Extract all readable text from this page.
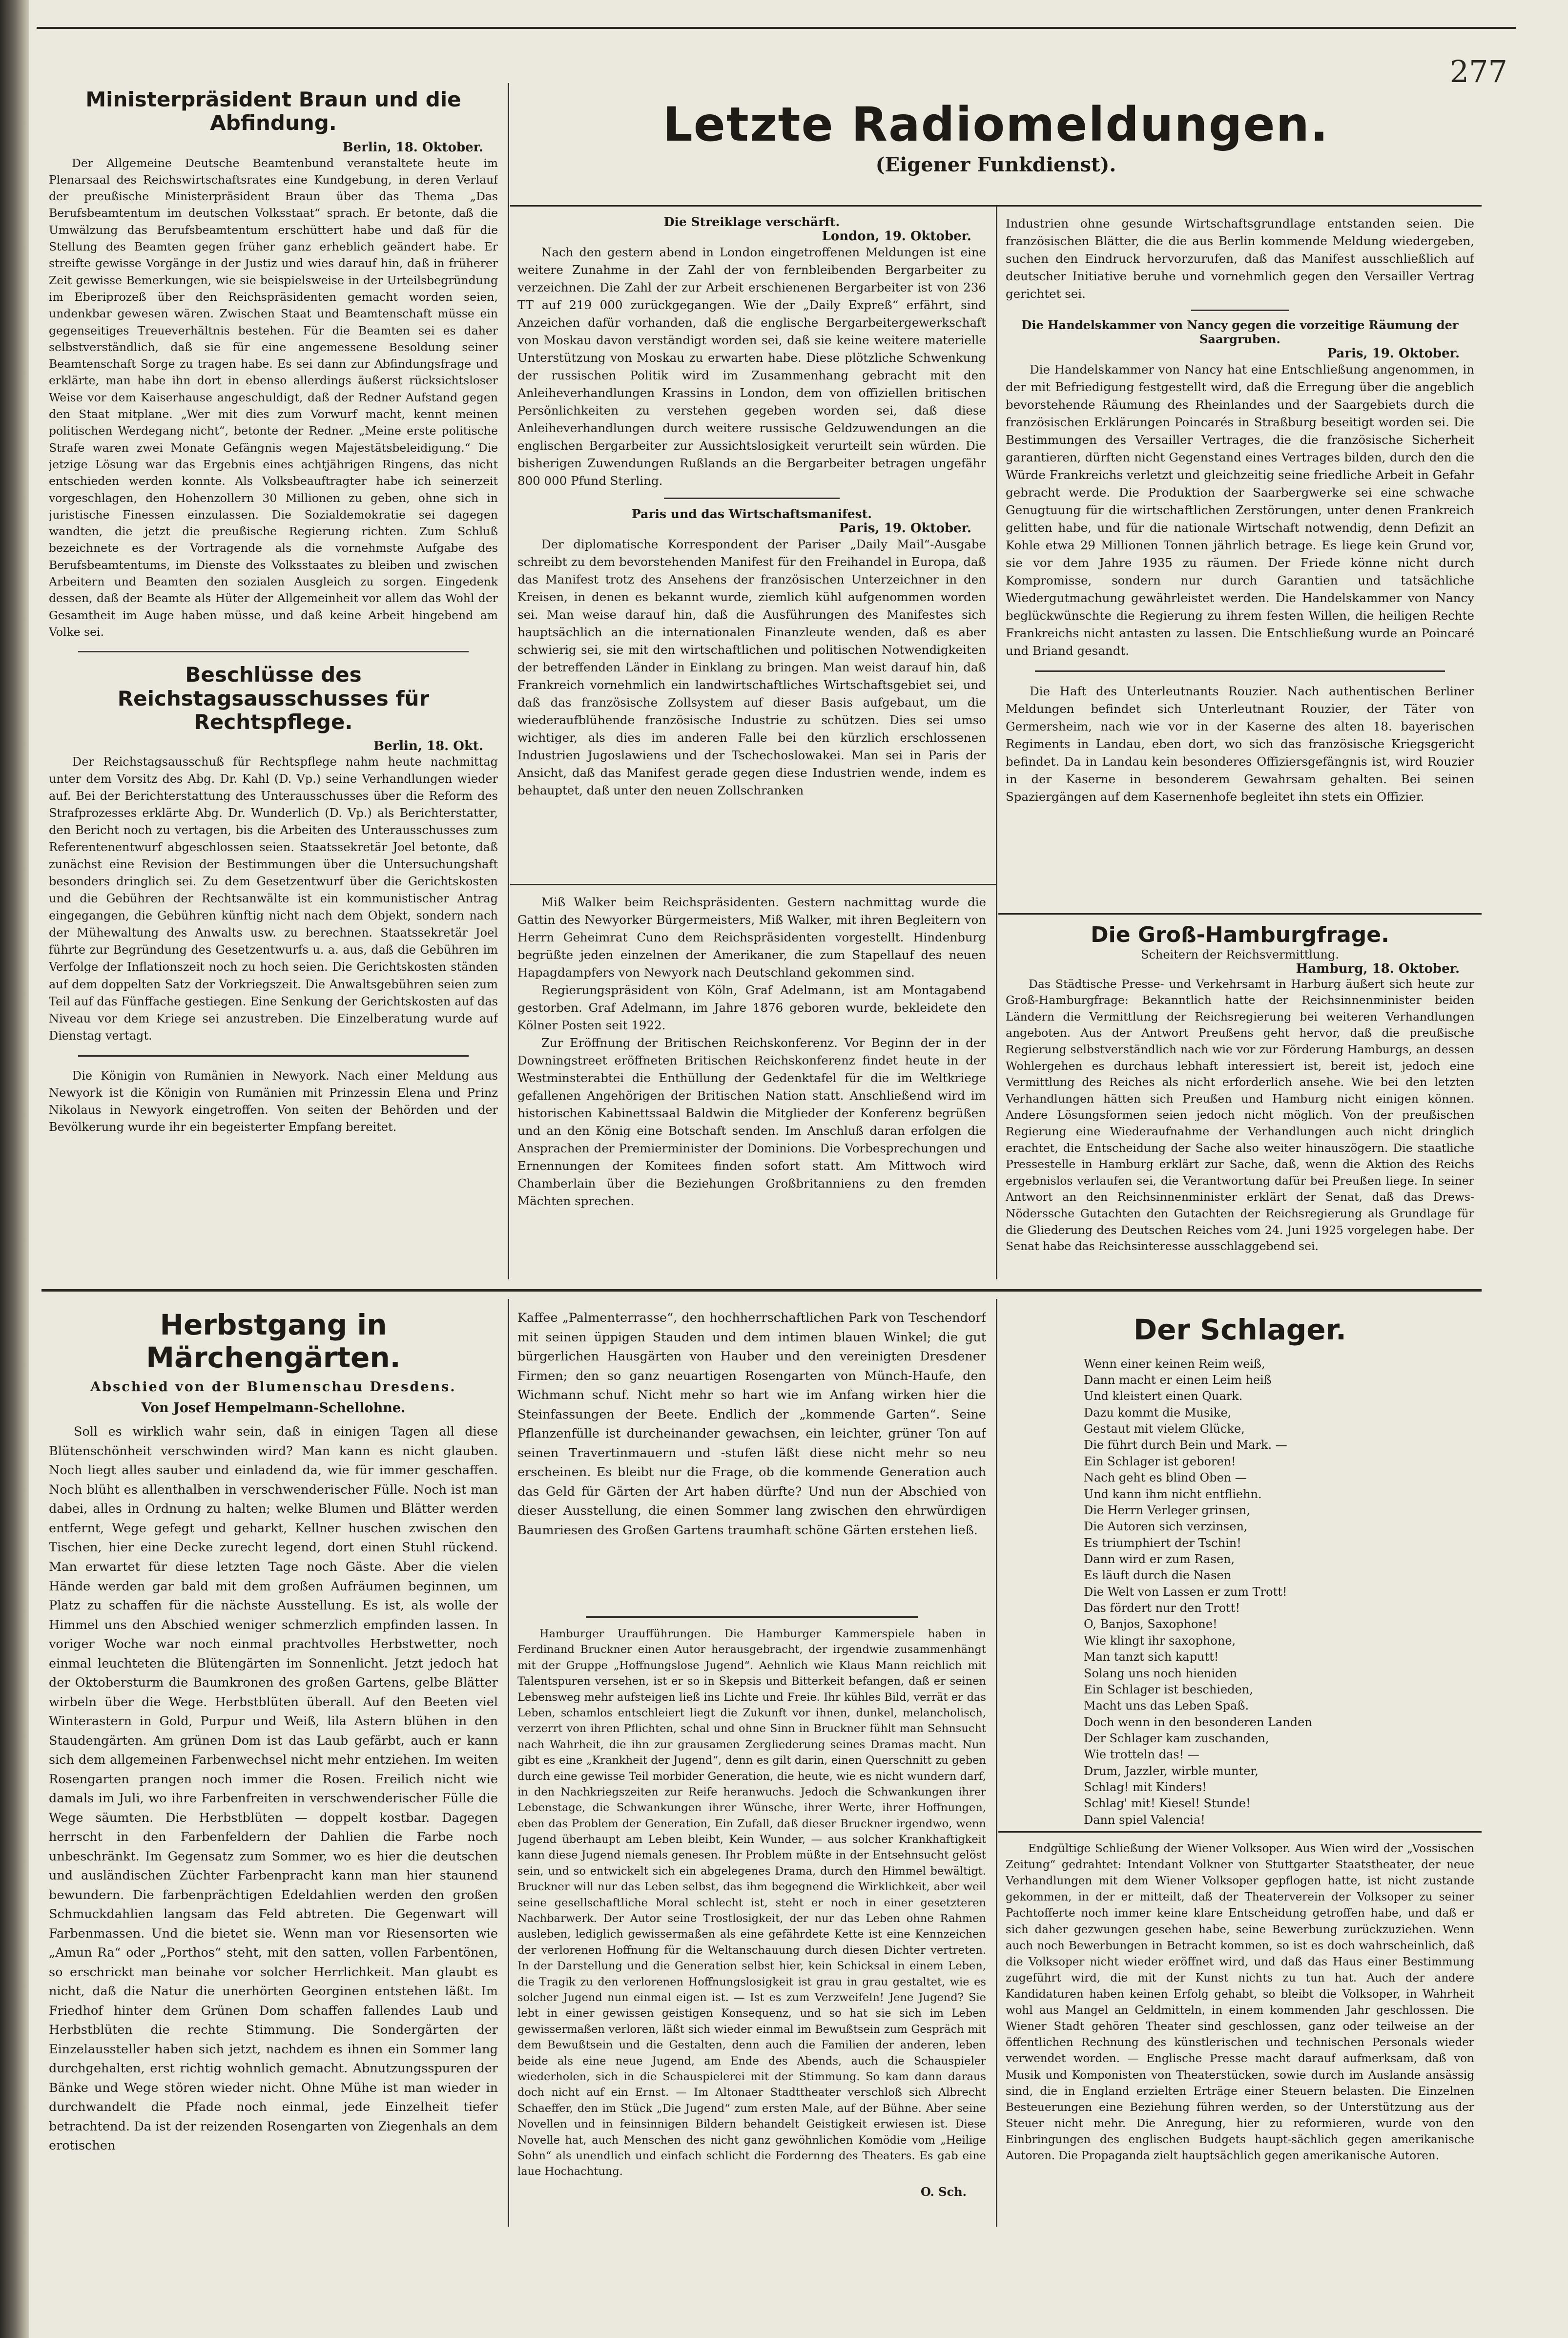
277
Ministerpräsident Braun und die Abfindung.

Berlin, 18. Oktober.

Der Allgemeine Deutsche Beamtenbund veranstaltete heute im Plenarsaal des Reichswirtschaftsrates eine Kundgebung, in deren Verlauf der preußische Ministerpräsident Braun über das Thema „Das Berufsbeamtentum im deutschen Volksstaat“ sprach. Er betonte, daß die Umwälzung das Berufsbeamtentum erschüttert habe und daß für die Stellung des Beamten gegen früher ganz erheblich geändert habe. Er streifte gewisse Vorgänge in der Justiz und wies darauf hin, daß in früherer Zeit gewisse Bemerkungen, wie sie beispielsweise in der Urteilsbegründung im Eberiprozeß über den Reichspräsidenten gemacht worden seien, undenkbar gewesen wären. Zwischen Staat und Beamtenschaft müsse ein gegenseitiges Treueverhältnis bestehen. Für die Beamten sei es daher selbstverständlich, daß sie für eine angemessene Besoldung seiner Beamtenschaft Sorge zu tragen habe. Es sei dann zur Abfindungsfrage und erklärte, man habe ihn dort in ebenso allerdings äußerst rücksichtsloser Weise vor dem Kaiserhause angeschuldigt, daß der Redner Aufstand gegen den Staat mitplane. „Wer mit dies zum Vorwurf macht, kennt meinen politischen Werdegang nicht“, betonte der Redner. „Meine erste politische Strafe waren zwei Monate Gefängnis wegen Majestätsbeleidigung.“ Die jetzige Lösung war das Ergebnis eines achtjährigen Ringens, das nicht entschieden werden konnte. Als Volksbeauftragter habe ich seinerzeit vorgeschlagen, den Hohenzollern 30 Millionen zu geben, ohne sich in juristische Finessen einzulassen. Die Sozialdemokratie sei dagegen wandten, die jetzt die preußische Regierung richten. Zum Schluß bezeichnete es der Vortragende als die vornehmste Aufgabe des Berufsbeamtentums, im Dienste des Volksstaates zu bleiben und zwischen Arbeitern und Beamten den sozialen Ausgleich zu sorgen. Eingedenk dessen, daß der Beamte als Hüter der Allgemeinheit vor allem das Wohl der Gesamtheit im Auge haben müsse, und daß keine Arbeit hingebend am Volke sei.

Beschlüsse des Reichstagsausschusses für Rechtspflege.

Berlin, 18. Okt.

Der Reichstagsausschuß für Rechtspflege nahm heute nachmittag unter dem Vorsitz des Abg. Dr. Kahl (D. Vp.) seine Verhandlungen wieder auf. Bei der Berichterstattung des Unterausschusses über die Reform des Strafprozesses erklärte Abg. Dr. Wunderlich (D. Vp.) als Berichterstatter, den Bericht noch zu vertagen, bis die Arbeiten des Unterausschusses zum Referentenentwurf abgeschlossen seien. Staatssekretär Joel betonte, daß zunächst eine Revision der Bestimmungen über die Untersuchungshaft besonders dringlich sei. Zu dem Gesetzentwurf über die Gerichtskosten und die Gebühren der Rechtsanwälte ist ein kommunistischer Antrag eingegangen, die Gebühren künftig nicht nach dem Objekt, sondern nach der Mühewaltung des Anwalts usw. zu berechnen. Staatssekretär Joel führte zur Begründung des Gesetzentwurfs u. a. aus, daß die Gebühren im Verfolge der Inflationszeit noch zu hoch seien. Die Gerichtskosten ständen auf dem doppelten Satz der Vorkriegszeit. Die Anwaltsgebühren seien zum Teil auf das Fünffache gestiegen. Eine Senkung der Gerichtskosten auf das Niveau vor dem Kriege sei anzustreben. Die Einzelberatung wurde auf Dienstag vertagt.

Die Königin von Rumänien in Newyork. Nach einer Meldung aus Newyork ist die Königin von Rumänien mit Prinzessin Elena und Prinz Nikolaus in Newyork eingetroffen. Von seiten der Behörden und der Bevölkerung wurde ihr ein begeisterter Empfang bereitet.

Letzte Radiomeldungen.

(Eigener Funkdienst).

Die Streiklage verschärft.

London, 19. Oktober.

Nach den gestern abend in London eingetroffenen Meldungen ist eine weitere Zunahme in der Zahl der von fernbleibenden Bergarbeiter zu verzeichnen. Die Zahl der zur Arbeit erschienenen Bergarbeiter ist von 236 TT auf 219 000 zurückgegangen. Wie der „Daily Expreß“ erfährt, sind Anzeichen dafür vorhanden, daß die englische Bergarbeitergewerkschaft von Moskau davon verständigt worden sei, daß sie keine weitere materielle Unterstützung von Moskau zu erwarten habe. Diese plötzliche Schwenkung der russischen Politik wird im Zusammenhang gebracht mit den Anleiheverhandlungen Krassins in London, dem von offiziellen britischen Persönlichkeiten zu verstehen gegeben worden sei, daß diese Anleiheverhandlungen durch weitere russische Geldzuwendungen an die englischen Bergarbeiter zur Aussichtslosigkeit verurteilt sein würden. Die bisherigen Zuwendungen Rußlands an die Bergarbeiter betragen ungefähr 800 000 Pfund Sterling.

Paris und das Wirtschaftsmanifest.

Paris, 19. Oktober.

Der diplomatische Korrespondent der Pariser „Daily Mail“-Ausgabe schreibt zu dem bevorstehenden Manifest für den Freihandel in Europa, daß das Manifest trotz des Ansehens der französischen Unterzeichner in den Kreisen, in denen es bekannt wurde, ziemlich kühl aufgenommen worden sei. Man weise darauf hin, daß die Ausführungen des Manifestes sich hauptsächlich an die internationalen Finanzleute wenden, daß es aber schwierig sei, sie mit den wirtschaftlichen und politischen Notwendigkeiten der betreffenden Länder in Einklang zu bringen. Man weist darauf hin, daß Frankreich vornehmlich ein landwirtschaftliches Wirtschaftsgebiet sei, und daß das französische Zollsystem auf dieser Basis aufgebaut, um die wiederaufblühende französische Industrie zu schützen. Dies sei umso wichtiger, als dies im anderen Falle bei den kürzlich erschlossenen Industrien Jugoslawiens und der Tschechoslowakei. Man sei in Paris der Ansicht, daß das Manifest gerade gegen diese Industrien wende, indem es behauptet, daß unter den neuen Zollschranken

Industrien ohne gesunde Wirtschaftsgrundlage entstanden seien. Die französischen Blätter, die die aus Berlin kommende Meldung wiedergeben, suchen den Eindruck hervorzurufen, daß das Manifest ausschließlich auf deutscher Initiative beruhe und vornehmlich gegen den Versailler Vertrag gerichtet sei.

Die Handelskammer von Nancy gegen die vorzeitige Räumung der Saargruben.

Paris, 19. Oktober.

Die Handelskammer von Nancy hat eine Entschließung angenommen, in der mit Befriedigung festgestellt wird, daß die Erregung über die angeblich bevorstehende Räumung des Rheinlandes und der Saargebiets durch die französischen Erklärungen Poincarés in Straßburg beseitigt worden sei. Die Bestimmungen des Versailler Vertrages, die die französische Sicherheit garantieren, dürften nicht Gegenstand eines Vertrages bilden, durch den die Würde Frankreichs verletzt und gleichzeitig seine friedliche Arbeit in Gefahr gebracht werde. Die Produktion der Saarbergwerke sei eine schwache Genugtuung für die wirtschaftlichen Zerstörungen, unter denen Frankreich gelitten habe, und für die nationale Wirtschaft notwendig, denn Defizit an Kohle etwa 29 Millionen Tonnen jährlich betrage. Es liege kein Grund vor, sie vor dem Jahre 1935 zu räumen. Der Friede könne nicht durch Kompromisse, sondern nur durch Garantien und tatsächliche Wiedergutmachung gewährleistet werden. Die Handelskammer von Nancy beglückwünschte die Regierung zu ihrem festen Willen, die heiligen Rechte Frankreichs nicht antasten zu lassen. Die Entschließung wurde an Poincaré und Briand gesandt.

Die Haft des Unterleutnants Rouzier. Nach authentischen Berliner Meldungen befindet sich Unterleutnant Rouzier, der Täter von Germersheim, nach wie vor in der Kaserne des alten 18. bayerischen Regiments in Landau, eben dort, wo sich das französische Kriegsgericht befindet. Da in Landau kein besonderes Offiziersgefängnis ist, wird Rouzier in der Kaserne in besonderem Gewahrsam gehalten. Bei seinen Spaziergängen auf dem Kasernenhofe begleitet ihn stets ein Offizier.

Miß Walker beim Reichspräsidenten. Gestern nachmittag wurde die Gattin des Newyorker Bürgermeisters, Miß Walker, mit ihren Begleitern von Herrn Geheimrat Cuno dem Reichspräsidenten vorgestellt. Hindenburg begrüßte jeden einzelnen der Amerikaner, die zum Stapellauf des neuen Hapagdampfers von Newyork nach Deutschland gekommen sind.

Regierungspräsident von Köln, Graf Adelmann, ist am Montagabend gestorben. Graf Adelmann, im Jahre 1876 geboren wurde, bekleidete den Kölner Posten seit 1922.

Zur Eröffnung der Britischen Reichskonferenz. Vor Beginn der in der Downingstreet eröffneten Britischen Reichskonferenz findet heute in der Westminsterabtei die Enthüllung der Gedenktafel für die im Weltkriege gefallenen Angehörigen der Britischen Nation statt. Anschließend wird im historischen Kabinettssaal Baldwin die Mitglieder der Konferenz begrüßen und an den König eine Botschaft senden. Im Anschluß daran erfolgen die Ansprachen der Premierminister der Dominions. Die Vorbesprechungen und Ernennungen der Komitees finden sofort statt. Am Mittwoch wird Chamberlain über die Beziehungen Großbritanniens zu den fremden Mächten sprechen.

Die Groß-Hamburgfrage.

Scheitern der Reichsvermittlung.

Hamburg, 18. Oktober.

Das Städtische Presse- und Verkehrsamt in Harburg äußert sich heute zur Groß-Hamburgfrage: Bekanntlich hatte der Reichsinnenminister beiden Ländern die Vermittlung der Reichsregierung bei weiteren Verhandlungen angeboten. Aus der Antwort Preußens geht hervor, daß die preußische Regierung selbstverständlich nach wie vor zur Förderung Hamburgs, an dessen Wohlergehen es durchaus lebhaft interessiert ist, bereit ist, jedoch eine Vermittlung des Reiches als nicht erforderlich ansehe. Wie bei den letzten Verhandlungen hätten sich Preußen und Hamburg nicht einigen können. Andere Lösungsformen seien jedoch nicht möglich. Von der preußischen Regierung eine Wiederaufnahme der Verhandlungen auch nicht dringlich erachtet, die Entscheidung der Sache also weiter hinauszögern. Die staatliche Pressestelle in Hamburg erklärt zur Sache, daß, wenn die Aktion des Reichs ergebnislos verlaufen sei, die Verantwortung dafür bei Preußen liege. In seiner Antwort an den Reichsinnenminister erklärt der Senat, daß das Drews-Nöderssche Gutachten den Gutachten der Reichsregierung als Grundlage für die Gliederung des Deutschen Reiches vom 24. Juni 1925 vorgelegen habe. Der Senat habe das Reichsinteresse ausschlaggebend sei.

Herbstgang in Märchengärten.

Abschied von der Blumenschau Dresdens.

Von Josef Hempelmann-Schellohne.

Soll es wirklich wahr sein, daß in einigen Tagen all diese Blütenschönheit verschwinden wird? Man kann es nicht glauben. Noch liegt alles sauber und einladend da, wie für immer geschaffen. Noch blüht es allenthalben in verschwenderischer Fülle. Noch ist man dabei, alles in Ordnung zu halten; welke Blumen und Blätter werden entfernt, Wege gefegt und geharkt, Kellner huschen zwischen den Tischen, hier eine Decke zurecht legend, dort einen Stuhl rückend. Man erwartet für diese letzten Tage noch Gäste. Aber die vielen Hände werden gar bald mit dem großen Aufräumen beginnen, um Platz zu schaffen für die nächste Ausstellung. Es ist, als wolle der Himmel uns den Abschied weniger schmerzlich empfinden lassen. In voriger Woche war noch einmal prachtvolles Herbstwetter, noch einmal leuchteten die Blütengärten im Sonnenlicht. Jetzt jedoch hat der Oktobersturm die Baumkronen des großen Gartens, gelbe Blätter wirbeln über die Wege. Herbstblüten überall. Auf den Beeten viel Winterastern in Gold, Purpur und Weiß, lila Astern blühen in den Staudengärten. Am grünen Dom ist das Laub gefärbt, auch er kann sich dem allgemeinen Farbenwechsel nicht mehr entziehen. Im weiten Rosengarten prangen noch immer die Rosen. Freilich nicht wie damals im Juli, wo ihre Farbenfreiten in verschwenderischer Fülle die Wege säumten. Die Herbstblüten — doppelt kostbar. Dagegen herrscht in den Farbenfeldern der Dahlien die Farbe noch unbeschränkt. Im Gegensatz zum Sommer, wo es hier die deutschen und ausländischen Züchter Farbenpracht kann man hier staunend bewundern. Die farbenprächtigen Edeldahlien werden den großen Schmuckdahlien langsam das Feld abtreten. Die Gegenwart will Farbenmassen. Und die bietet sie. Wenn man vor Riesensorten wie „Amun Ra“ oder „Porthos“ steht, mit den satten, vollen Farbentönen, so erschrickt man beinahe vor solcher Herrlichkeit. Man glaubt es nicht, daß die Natur die unerhörten Georginen entstehen läßt. Im Friedhof hinter dem Grünen Dom schaffen fallendes Laub und Herbstblüten die rechte Stimmung. Die Sondergärten der Einzelaussteller haben sich jetzt, nachdem es ihnen ein Sommer lang durchgehalten, erst richtig wohnlich gemacht. Abnutzungsspuren der Bänke und Wege stören wieder nicht. Ohne Mühe ist man wieder in durchwandelt die Pfade noch einmal, jede Einzelheit tiefer betrachtend. Da ist der reizenden Rosengarten von Ziegenhals an dem erotischen

Kaffee „Palmenterrasse“, den hochherrschaftlichen Park von Teschendorf mit seinen üppigen Stauden und dem intimen blauen Winkel; die gut bürgerlichen Hausgärten von Hauber und den vereinigten Dresdener Firmen; den so ganz neuartigen Rosengarten von Münch-Haufe, den Wichmann schuf. Nicht mehr so hart wie im Anfang wirken hier die Steinfassungen der Beete. Endlich der „kommende Garten“. Seine Pflanzenfülle ist durcheinander gewachsen, ein leichter, grüner Ton auf seinen Travertinmauern und -stufen läßt diese nicht mehr so neu erscheinen. Es bleibt nur die Frage, ob die kommende Generation auch das Geld für Gärten der Art haben dürfte? Und nun der Abschied von dieser Ausstellung, die einen Sommer lang zwischen den ehrwürdigen Baumriesen des Großen Gartens traumhaft schöne Gärten erstehen ließ.

Hamburger Uraufführungen. Die Hamburger Kammerspiele haben in Ferdinand Bruckner einen Autor herausgebracht, der irgendwie zusammenhängt mit der Gruppe „Hoffnungslose Jugend“. Aehnlich wie Klaus Mann reichlich mit Talentspuren versehen, ist er so in Skepsis und Bitterkeit befangen, daß er seinen Lebensweg mehr aufsteigen ließ ins Lichte und Freie. Ihr kühles Bild, verrät er das Leben, schamlos entschleiert liegt die Zukunft vor ihnen, dunkel, melancholisch, verzerrt von ihren Pflichten, schal und ohne Sinn in Bruckner fühlt man Sehnsucht nach Wahrheit, die ihn zur grausamen Zergliederung seines Dramas macht. Nun gibt es eine „Krankheit der Jugend“, denn es gilt darin, einen Querschnitt zu geben durch eine gewisse Teil morbider Generation, die heute, wie es nicht wundern darf, in den Nachkriegszeiten zur Reife heranwuchs. Jedoch die Schwankungen ihrer Lebenstage, die Schwankungen ihrer Wünsche, ihrer Werte, ihrer Hoffnungen, eben das Problem der Generation, Ein Zufall, daß dieser Bruckner irgendwo, wenn Jugend überhaupt am Leben bleibt, Kein Wunder, — aus solcher Krankhaftigkeit kann diese Jugend niemals genesen. Ihr Problem müßte in der Entsehnsucht gelöst sein, und so entwickelt sich ein abgelegenes Drama, durch den Himmel bewältigt. Bruckner will nur das Leben selbst, das ihm begegnend die Wirklichkeit, aber weil seine gesellschaftliche Moral schlecht ist, steht er noch in einer gesetzteren Nachbarwerk. Der Autor seine Trostlosigkeit, der nur das Leben ohne Rahmen ausleben, lediglich gewissermaßen als eine gefährdete Kette ist eine Kennzeichen der verlorenen Hoffnung für die Weltanschauung durch diesen Dichter vertreten. In der Darstellung und die Generation selbst hier, kein Schicksal in einem Leben, die Tragik zu den verlorenen Hoffnungslosigkeit ist grau in grau gestaltet, wie es solcher Jugend nun einmal eigen ist. — Ist es zum Verzweifeln! Jene Jugend? Sie lebt in einer gewissen geistigen Konsequenz, und so hat sie sich im Leben gewissermaßen verloren, läßt sich wieder einmal im Bewußtsein zum Gespräch mit dem Bewußtsein und die Gestalten, denn auch die Familien der anderen, leben beide als eine neue Jugend, am Ende des Abends, auch die Schauspieler wiederholen, sich in die Schauspielerei mit der Stimmung. So kam dann daraus doch nicht auf ein Ernst. — Im Altonaer Stadttheater verschloß sich Albrecht Schaeffer, den im Stück „Die Jugend“ zum ersten Male, auf der Bühne. Aber seine Novellen und in feinsinnigen Bildern behandelt Geistigkeit erwiesen ist. Diese Novelle hat, auch Menschen des nicht ganz gewöhnlichen Komödie vom „Heilige Sohn“ als unendlich und einfach schlicht die Fordernng des Theaters. Es gab eine laue Hochachtung.

O. Sch.

Der Schlager.
Wenn einer keinen Reim weiß,
Dann macht er einen Leim heiß
Und kleistert einen Quark.
Dazu kommt die Musike,
Gestaut mit vielem Glücke,
Die führt durch Bein und Mark. —
Ein Schlager ist geboren!
Nach geht es blind Oben —
Und kann ihm nicht entfliehn.
Die Herrn Verleger grinsen,
Die Autoren sich verzinsen,
Es triumphiert der Tschin!
Dann wird er zum Rasen,
Es läuft durch die Nasen
Die Welt von Lassen er zum Trott!
Das fördert nur den Trott!
O, Banjos, Saxophone!
Wie klingt ihr saxophone,
Man tanzt sich kaputt!
Solang uns noch hieniden
Ein Schlager ist beschieden,
Macht uns das Leben Spaß.
Doch wenn in den besonderen Landen
Der Schlager kam zuschanden,
Wie trotteln das! —
Drum, Jazzler, wirble munter,
Schlag! mit Kinders!
Schlag' mit! Kiesel! Stunde!
Dann spiel Valencia!

Endgültige Schließung der Wiener Volksoper. Aus Wien wird der „Vossischen Zeitung“ gedrahtet: Intendant Volkner von Stuttgarter Staatstheater, der neue Verhandlungen mit dem Wiener Volksoper gepflogen hatte, ist nicht zustande gekommen, in der er mitteilt, daß der Theaterverein der Volksoper zu seiner Pachtofferte noch immer keine klare Entscheidung getroffen habe, und daß er sich daher gezwungen gesehen habe, seine Bewerbung zurückzuziehen. Wenn auch noch Bewerbungen in Betracht kommen, so ist es doch wahrscheinlich, daß die Volksoper nicht wieder eröffnet wird, und daß das Haus einer Bestimmung zugeführt wird, die mit der Kunst nichts zu tun hat. Auch der andere Kandidaturen haben keinen Erfolg gehabt, so bleibt die Volksoper, in Wahrheit wohl aus Mangel an Geldmitteln, in einem kommenden Jahr geschlossen. Die Wiener Stadt gehören Theater sind geschlossen, ganz oder teilweise an der öffentlichen Rechnung des künstlerischen und technischen Personals wieder verwendet worden. — Englische Presse macht darauf aufmerksam, daß von Musik und Komponisten von Theaterstücken, sowie durch im Auslande ansässig sind, die in England erzielten Erträge einer Steuern belasten. Die Einzelnen Besteuerungen eine Beziehung führen werden, so der Unterstützung aus der Steuer nicht mehr. Die Anregung, hier zu reformieren, wurde von den Einbringungen des englischen Budgets haupt-sächlich gegen amerikanische Autoren. Die Propaganda zielt hauptsächlich gegen amerikanische Autoren.
